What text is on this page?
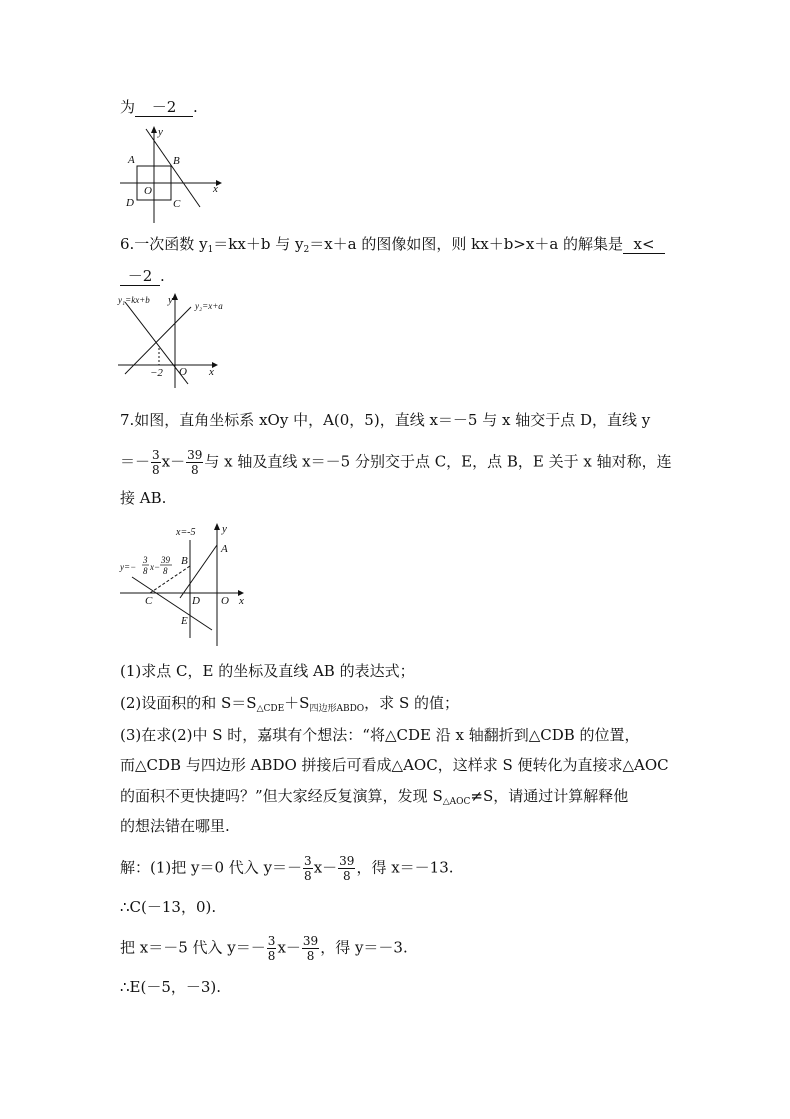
为 －2 .
y
x
A	B
O
D	C
6.一次函数 $y_1=kx+b$ 与 $y_2=x+a$ 的图像如图，则 kx＋b>x＋a 的解集是 x<
－2 .
y₁=kx+b
y₂=x+a
y
−2 O x
7.如图，直角坐标系 xOy 中，A(0，5)，直线 x＝－5 与 x 轴交于点 D，直线 y
＝－ $\frac{3}{8} x- \frac{39}{8}$ 与 x 轴及直线 x＝－5 分别交于点 C，E，点 B，E 关于 x 轴对称，连
接 AB.
x=-5
y=−
3
8 x−
39
8
y
A
B
C	D O x
E
(1)求点 C，E 的坐标及直线 AB 的表达式；
(2)设面积的和 $S=S_{\triangle CDE}+S_{四边形ABDO}$，求 S 的值；
(3)在求(2)中 S 时，嘉琪有个想法：“将△CDE 沿 x 轴翻折到△CDB 的位置，
而△CDB 与四边形 ABDO 拼接后可看成△AOC，这样求 S 便转化为直接求△AOC
的面积不更快捷吗？”但大家经反复演算，发现 $S_{\triangle AOC}\ne S$，请通过计算解释他
的想法错在哪里.
解：(1)把 y＝0 代入 $y=- \frac{3}{8} x- \frac{39}{8}$ ，得 x＝－13.
∴C(－13，0).
把 x＝－5 代入 $y=- \frac{3}{8} x- \frac{39}{8}$ ，得 y＝－3.
∴E(－5，－3).
